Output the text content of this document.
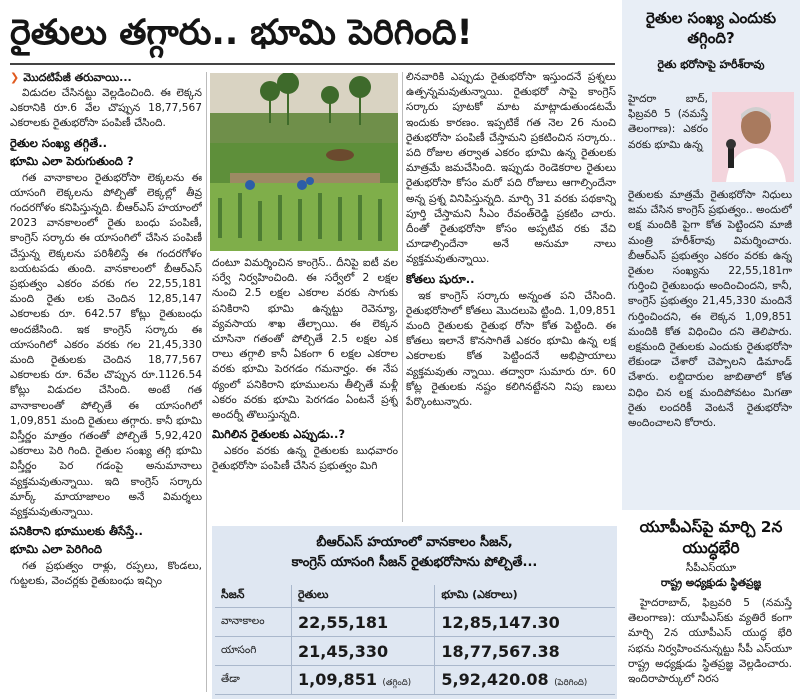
రైతులు తగ్గారు.. భూమి పెరిగింది!
❯ మొదటిపేజీ తరువాయి...

విడుదల చేసినట్టు వెల్లడించింది. ఈ లెక్కన ఎకరానికి రూ.6 వేల చొప్పున 18,77,567 ఎకరాలకు రైతుభరోసా పంపిణీ చేసింది.

రైతుల సంఖ్య తగ్గితే..
భూమి ఎలా పెరుగుతుంది ?

గత వానాకాలం రైతుభరోసా లెక్కలను ఈ యాసంగి లెక్కలను పోల్చితో లెక్కల్లో తీవ్ర గందరగోళం కనిపిస్తున్నది. బీఆర్ఎస్ హయాంలో 2023 వానకాలంలో రైతు బంధు పంపిణీ, కాంగ్రెస్ సర్కారు ఈ యాసంగిలో చేసిన పంపిణీ చేస్తున్న లెక్కలను పరిశీలిస్తే ఈ గందరగోళం బయటపడు తుంది. వానకాలంలో బీఆర్ఎస్ ప్రభుత్వం ఎకరం వరకు గల 22,55,181 మంది రైతు లకు చెందిన 12,85,147 ఎకరాలకు రూ. 642.57 కోట్లు రైతుబంధు అందజేసింది. ఇక కాంగ్రెస్ సర్కారు ఈ యాసంగిలో ఎకరం వరకు గల 21,45,330 మంది రైతులకు చెందిన 18,77,567 ఎకరాలకు రూ. 6వేల చొప్పున రూ.1126.54 కోట్లు విడుదల చేసింది. అంటే గత వానాకాలంతో పోల్చితే ఈ యాసంగిలో 1,09,851 మంది రైతులు తగ్గారు. కానీ భూమి విస్తీర్ణం మాత్రం గతంతో పోల్చితే 5,92,420 ఎకరాలు పెరి గింది. రైతుల సంఖ్య తగ్గి భూమి విస్తీర్ణం పెర గడంపై అనుమానాలు వ్యక్తమవుతున్నాయి. ఇది కాంగ్రెస్ సర్కారు మార్క్ మాయాజాలం అనే విమర్శలు వ్యక్తమవుతున్నాయి.

పనికిరాని భూములకు తీసేస్తే..
భూమి ఎలా పెరిగింది

గత ప్రభుత్వం రాళ్లు, రప్పలు, కొండలు, గుట్టలకు, వెంచర్లకు రైతుబంధు ఇచ్చిం

దంటూ విమర్శించిన కాంగ్రెస్.. దీనిపై ఐటీ వల సర్వే నిర్వహించింది. ఈ సర్వేలో 2 లక్షల నుంచి 2.5 లక్షల ఎకరాల వరకు సాగుకు పనికిరాని భూమి ఉన్నట్టు రెవెన్యూ, వ్యవసాయ శాఖ తేల్చాయి. ఈ లెక్కన చూసినా గతంతో పోల్చితే 2.5 లక్షల ఎక రాలు తగ్గాలి కానీ ఏకంగా 6 లక్షల ఎకరాల వరకు భూమి పెరగడం గమనార్హం. ఈ నేప థ్యంలో పనికిరాని భూములను తీల్చితే మళ్లీ ఎకరం వరకు భూమి పెరగడం ఏంటనే ప్రశ్న అందర్నీ తొలుస్తున్నది.

మిగిలిన రైతులకు ఎప్పుడు..?

ఎకరం వరకు ఉన్న రైతులకు బుధవారం రైతుభరోసా పంపిణీ చేసిన ప్రభుత్వం మిగి

లినవారికి ఎప్పుడు రైతుభరోసా ఇస్తుందనే ప్రశ్నలు ఉత్పన్నమవుతున్నాయి. రైతుభరో సాపై కాంగ్రెస్ సర్కారు పూటకో మాట మాట్లాడుతుండటమే ఇందుకు కారణం. ఇప్పటికే గత నెల 26 నుంచి రైతుభరోసా పంపిణీ చేస్తామని ప్రకటించిన సర్కారు.. పది రోజుల తర్వాత ఎకరం భూమి ఉన్న రైతులకు మాత్రమే జమచేసింది. ఇప్పుడు రెండెకరాల రైతులు రైతుభరోసా కోసం మరో పది రోజులు ఆగాల్సిందేనా అన్న ప్రశ్న వినిపిస్తున్నది. మార్చి 31 వరకు పథకాన్ని పూర్తి చేస్తామని సీఎం రేవంత్‌రెడ్డి ప్రకటిం చారు. దీంతో రైతుభరోసా కోసం అప్పటివ రకు వేచి చూడాల్సిందేనా అనే అనుమా నాలు వ్యక్తమవుతున్నాయి.

కోతలు షురూ..

ఇక కాంగ్రెస్ సర్కారు అన్నంత పని చేసింది. రైతుభరోసాలో కోతలు మొదలుపె ట్టింది. 1,09,851 మంది రైతులకు రైతుభ రోసా కోత పెట్టింది. ఈ కోతలు ఇలానే కొనసాగితే ఎకరం భూమి ఉన్న లక్ష ఎకరాలకు కోత పెట్టిందనే అభిప్రాయాలు వ్యక్తమవుతు న్నాయి. తద్వారా సుమారు రూ. 60 కోట్ల రైతులకు నష్టం కలిగినట్టేనని నిపు ణులు పేర్కొంటున్నారు.

బీఆర్ఎస్ హయాంలో వానకాలం సీజన్,
కాంగ్రెస్ యాసంగి సీజన్ రైతుభరోసాను పోల్చితే...
సీజన్	రైతులు	భూమి (ఎకరాలు)
వానాకాలం	22,55,181	12,85,147.30
యాసంగి	21,45,330	18,77,567.38
తేడా	1,09,851 (తగ్గింది)	5,92,420.08 (పెరిగింది)
రైతుల సంఖ్య ఎందుకు తగ్గింది?
రైతు భరోసాపై హరీశ్‌రావు

హైదరా బాద్, ఫిబ్రవరి 5 (నమస్తే తెలంగాణ): ఎకరం వరకు భూమి ఉన్న

రైతులకు మాత్రమే రైతుభరోసా నిధులు జమ చేసిన కాంగ్రెస్ ప్రభుత్వం.. అందులో లక్ష మందికి పైగా కోత పెట్టిందని మాజీ మంత్రి హరీశ్‌రావు విమర్శించారు. బీఆర్ఎస్ ప్రభుత్వం ఎకరం వరకు ఉన్న రైతుల సంఖ్యను 22,55,181గా గుర్తించి రైతుబంధు అందించిందని, కానీ, కాంగ్రెస్ ప్రభుత్వం 21,45,330 మందినే గుర్తించిందని, ఈ లెక్కన 1,09,851 మందికి కోత విధించిం దని తెలిపారు. లక్షమంది రైతులకు ఎందుకు రైతుభరోసా లేకుండా చేశారో చెప్పాలని డిమాండ్ చేశారు. లబ్దిదారుల జాబితాలో కోత విధిం చిన లక్ష మందిపోవటం మిగతా రైతు లందరికీ వెంటనే రైతుభరోసా అందించాలని కోరారు.

యూపీఎస్‌పై మార్చి 2న యుద్ధభేరి
సీపీఎస్‌యూ
రాష్ట్ర అధ్యక్షుడు స్థితప్రజ్ఞ

హైదరాబాద్, ఫిబ్రవరి 5 (నమస్తే తెలంగాణ): యూపీఎస్‌కు వ్యతిరే కంగా మార్చి 2న యూపీఎస్ యుద్ధ భేరి సభను నిర్వహించనున్నట్టు సీపీ ఎస్‌యూ రాష్ట్ర అధ్యక్షుడు స్థితప్రజ్ఞ వెల్లడించారు. ఇందిరాపార్కులో నిరస
